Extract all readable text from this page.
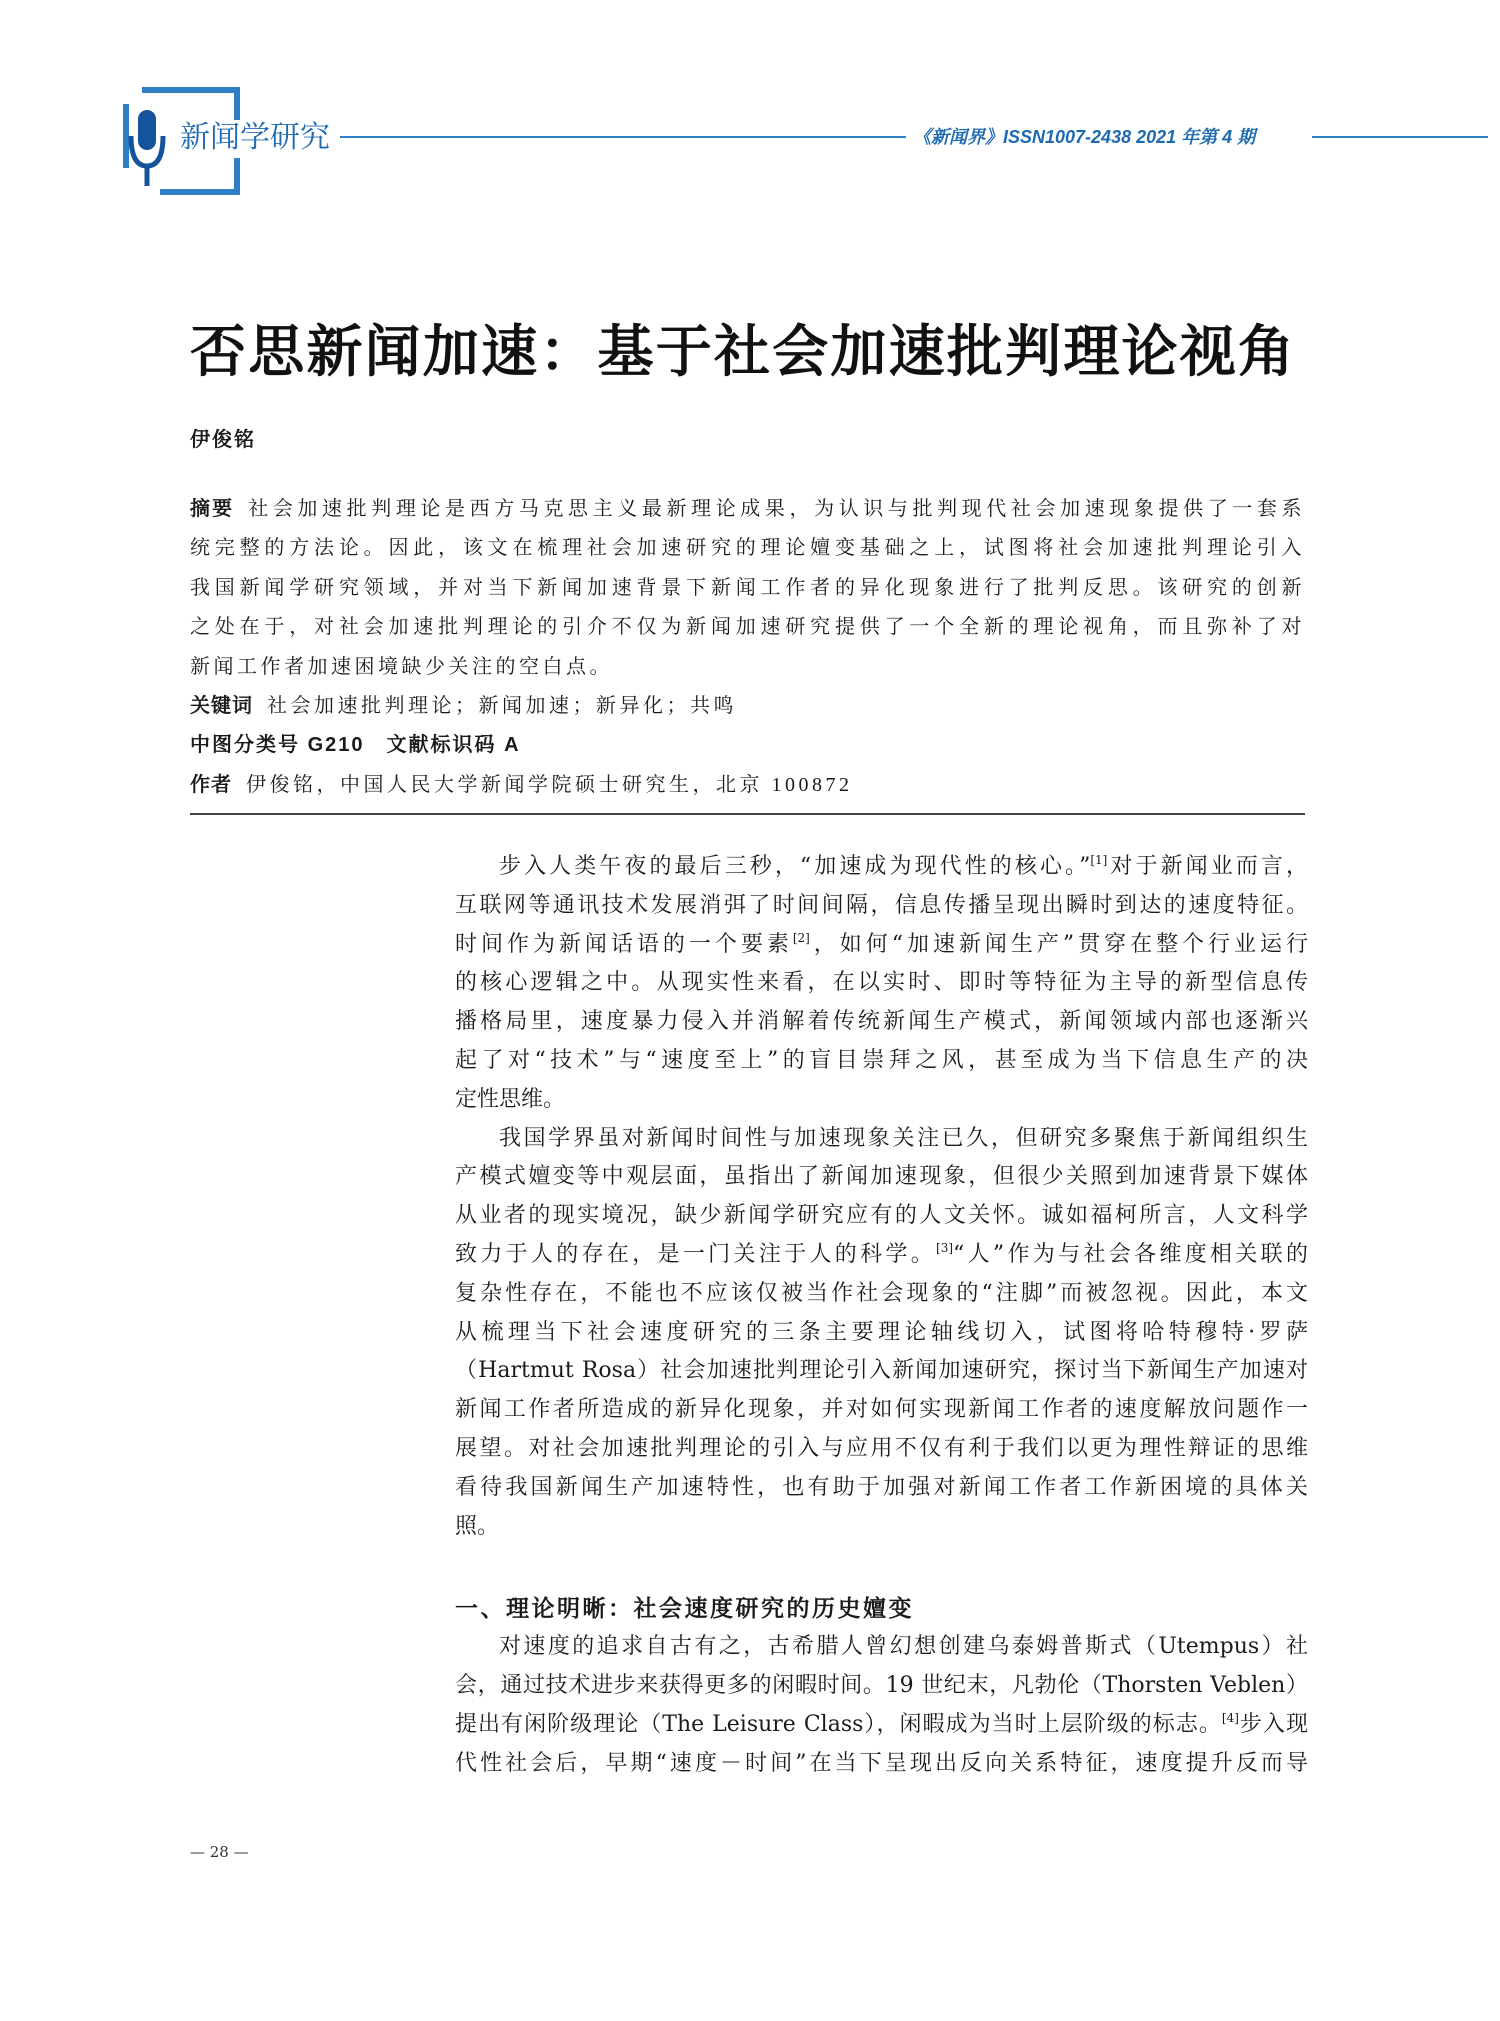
新闻学研究	《新闻界》ISSN1007-2438 2021 年第 4 期
否思新闻加速：基于社会加速批判理论视角
伊俊铭
摘要 社会加速批判理论是西方马克思主义最新理论成果，为认识与批判现代社会加速现象提供了一套系
统完整的方法论。因此，该文在梳理社会加速研究的理论嬗变基础之上，试图将社会加速批判理论引入
我国新闻学研究领域，并对当下新闻加速背景下新闻工作者的异化现象进行了批判反思。该研究的创新
之处在于，对社会加速批判理论的引介不仅为新闻加速研究提供了一个全新的理论视角，而且弥补了对
新闻工作者加速困境缺少关注的空白点。
关键词 社会加速批判理论；新闻加速；新异化；共鸣
中图分类号 G210 文献标识码 A
作者 伊俊铭，中国人民大学新闻学院硕士研究生，北京 100872
步入人类午夜的最后三秒，“加速成为现代性的核心。”[1]对于新闻业而言，
互联网等通讯技术发展消弭了时间间隔，信息传播呈现出瞬时到达的速度特征。
时间作为新闻话语的一个要素[2]，如何“加速新闻生产”贯穿在整个行业运行
的核心逻辑之中。从现实性来看，在以实时、即时等特征为主导的新型信息传
播格局里，速度暴力侵入并消解着传统新闻生产模式，新闻领域内部也逐渐兴
起了对“技术”与“速度至上”的盲目崇拜之风，甚至成为当下信息生产的决
定性思维。
我国学界虽对新闻时间性与加速现象关注已久，但研究多聚焦于新闻组织生
产模式嬗变等中观层面，虽指出了新闻加速现象，但很少关照到加速背景下媒体
从业者的现实境况，缺少新闻学研究应有的人文关怀。诚如福柯所言，人文科学
致力于人的存在，是一门关注于人的科学。[3]“人”作为与社会各维度相关联的
复杂性存在，不能也不应该仅被当作社会现象的“注脚”而被忽视。因此，本文
从梳理当下社会速度研究的三条主要理论轴线切入，试图将哈特穆特·罗萨
（Hartmut Rosa）社会加速批判理论引入新闻加速研究，探讨当下新闻生产加速对
新闻工作者所造成的新异化现象，并对如何实现新闻工作者的速度解放问题作一
展望。对社会加速批判理论的引入与应用不仅有利于我们以更为理性辩证的思维
看待我国新闻生产加速特性，也有助于加强对新闻工作者工作新困境的具体关
照。
一、理论明晰：社会速度研究的历史嬗变
对速度的追求自古有之，古希腊人曾幻想创建乌泰姆普斯式（Utempus）社
会，通过技术进步来获得更多的闲暇时间。19 世纪末，凡勃伦（Thorsten Veblen）
提出有闲阶级理论（The Leisure Class），闲暇成为当时上层阶级的标志。[4]步入现
代性社会后，早期“速度－时间”在当下呈现出反向关系特征，速度提升反而导
— 28 —
